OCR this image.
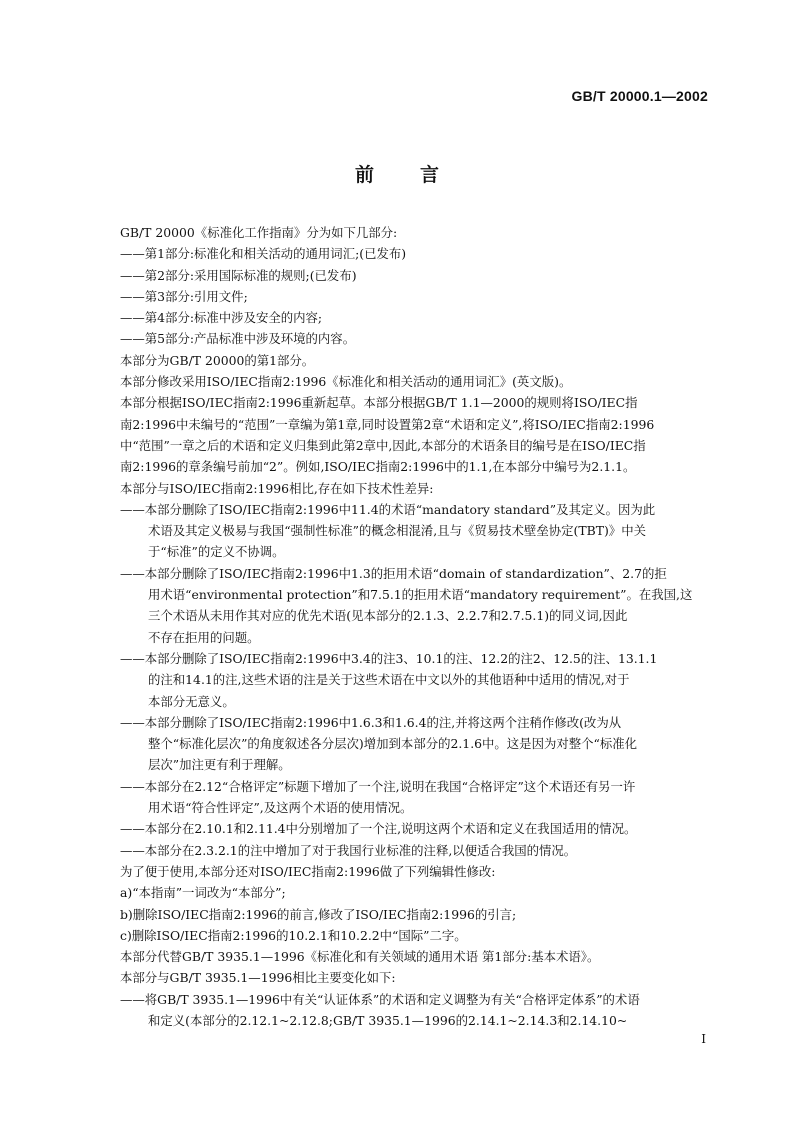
GB/T 20000.1—2002
前言
GB/T 20000《标准化工作指南》分为如下几部分:
——第1部分:标准化和相关活动的通用词汇;(已发布)
——第2部分:采用国际标准的规则;(已发布)
——第3部分:引用文件;
——第4部分:标准中涉及安全的内容;
——第5部分:产品标准中涉及环境的内容。
本部分为GB/T 20000的第1部分。
本部分修改采用ISO/IEC指南2:1996《标准化和相关活动的通用词汇》(英文版)。
本部分根据ISO/IEC指南2:1996重新起草。本部分根据GB/T 1.1—2000的规则将ISO/IEC指
南2:1996中未编号的“范围”一章编为第1章,同时设置第2章“术语和定义”,将ISO/IEC指南2:1996
中“范围”一章之后的术语和定义归集到此第2章中,因此,本部分的术语条目的编号是在ISO/IEC指
南2:1996的章条编号前加“2”。例如,ISO/IEC指南2:1996中的1.1,在本部分中编号为2.1.1。
本部分与ISO/IEC指南2:1996相比,存在如下技术性差异:
——本部分删除了ISO/IEC指南2:1996中11.4的术语“mandatory standard”及其定义。因为此
术语及其定义极易与我国“强制性标准”的概念相混淆,且与《贸易技术壁垒协定(TBT)》中关
于“标准”的定义不协调。
——本部分删除了ISO/IEC指南2:1996中1.3的拒用术语“domain of standardization”、2.7的拒
用术语“environmental protection”和7.5.1的拒用术语“mandatory requirement”。在我国,这
三个术语从未用作其对应的优先术语(见本部分的2.1.3、2.2.7和2.7.5.1)的同义词,因此
不存在拒用的问题。
——本部分删除了ISO/IEC指南2:1996中3.4的注3、10.1的注、12.2的注2、12.5的注、13.1.1
的注和14.1的注,这些术语的注是关于这些术语在中文以外的其他语种中适用的情况,对于
本部分无意义。
——本部分删除了ISO/IEC指南2:1996中1.6.3和1.6.4的注,并将这两个注稍作修改(改为从
整个“标准化层次”的角度叙述各分层次)增加到本部分的2.1.6中。这是因为对整个“标准化
层次”加注更有利于理解。
——本部分在2.12“合格评定”标题下增加了一个注,说明在我国“合格评定”这个术语还有另一许
用术语“符合性评定”,及这两个术语的使用情况。
——本部分在2.10.1和2.11.4中分别增加了一个注,说明这两个术语和定义在我国适用的情况。
——本部分在2.3.2.1的注中增加了对于我国行业标准的注释,以便适合我国的情况。
为了便于使用,本部分还对ISO/IEC指南2:1996做了下列编辑性修改:
a)“本指南”一词改为“本部分”;
b)删除ISO/IEC指南2:1996的前言,修改了ISO/IEC指南2:1996的引言;
c)删除ISO/IEC指南2:1996的10.2.1和10.2.2中“国际”二字。
本部分代替GB/T 3935.1—1996《标准化和有关领域的通用术语 第1部分:基本术语》。
本部分与GB/T 3935.1—1996相比主要变化如下:
——将GB/T 3935.1—1996中有关“认证体系”的术语和定义调整为有关“合格评定体系”的术语
和定义(本部分的2.12.1~2.12.8;GB/T 3935.1—1996的2.14.1~2.14.3和2.14.10~
I
